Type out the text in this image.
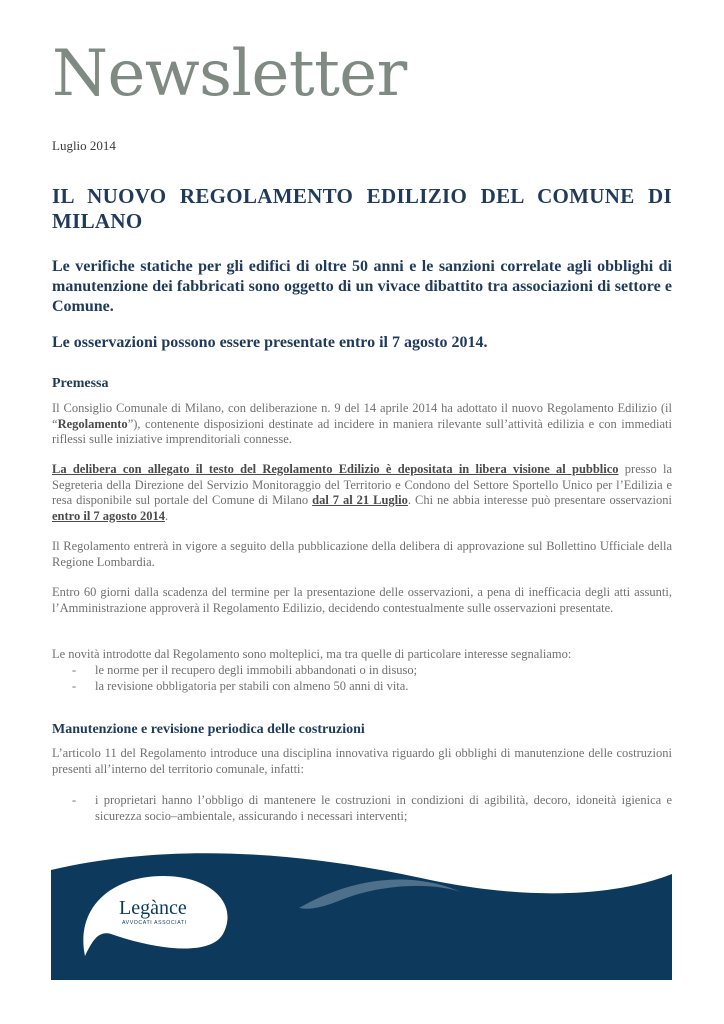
Newsletter
Luglio 2014
IL NUOVO REGOLAMENTO EDILIZIO DEL COMUNE DI MILANO
Le verifiche statiche per gli edifici di oltre 50 anni e le sanzioni correlate agli obblighi di manutenzione dei fabbricati sono oggetto di un vivace dibattito tra associazioni di settore e Comune.
Le osservazioni possono essere presentate entro il 7 agosto 2014.
Premessa
Il Consiglio Comunale di Milano, con deliberazione n. 9 del 14 aprile 2014 ha adottato il nuovo Regolamento Edilizio (il “Regolamento”), contenente disposizioni destinate ad incidere in maniera rilevante sull’attività edilizia e con immediati riflessi sulle iniziative imprenditoriali connesse.
La delibera con allegato il testo del Regolamento Edilizio è depositata in libera visione al pubblico presso la Segreteria della Direzione del Servizio Monitoraggio del Territorio e Condono del Settore Sportello Unico per l’Edilizia e resa disponibile sul portale del Comune di Milano dal 7 al 21 Luglio. Chi ne abbia interesse può presentare osservazioni entro il 7 agosto 2014.
Il Regolamento entrerà in vigore a seguito della pubblicazione della delibera di approvazione sul Bollettino Ufficiale della Regione Lombardia.
Entro 60 giorni dalla scadenza del termine per la presentazione delle osservazioni, a pena di inefficacia degli atti assunti, l’Amministrazione approverà il Regolamento Edilizio, decidendo contestualmente sulle osservazioni presentate.
Le novità introdotte dal Regolamento sono molteplici, ma tra quelle di particolare interesse segnaliamo:
- le norme per il recupero degli immobili abbandonati o in disuso;
- la revisione obbligatoria per stabili con almeno 50 anni di vita.
Manutenzione e revisione periodica delle costruzioni
L’articolo 11 del Regolamento introduce una disciplina innovativa riguardo gli obblighi di manutenzione delle costruzioni presenti all’interno del territorio comunale, infatti:
- i proprietari hanno l’obbligo di mantenere le costruzioni in condizioni di agibilità, decoro, idoneità igienica e sicurezza socio–ambientale, assicurando i necessari interventi;
Legànce
AVVOCATI ASSOCIATI
